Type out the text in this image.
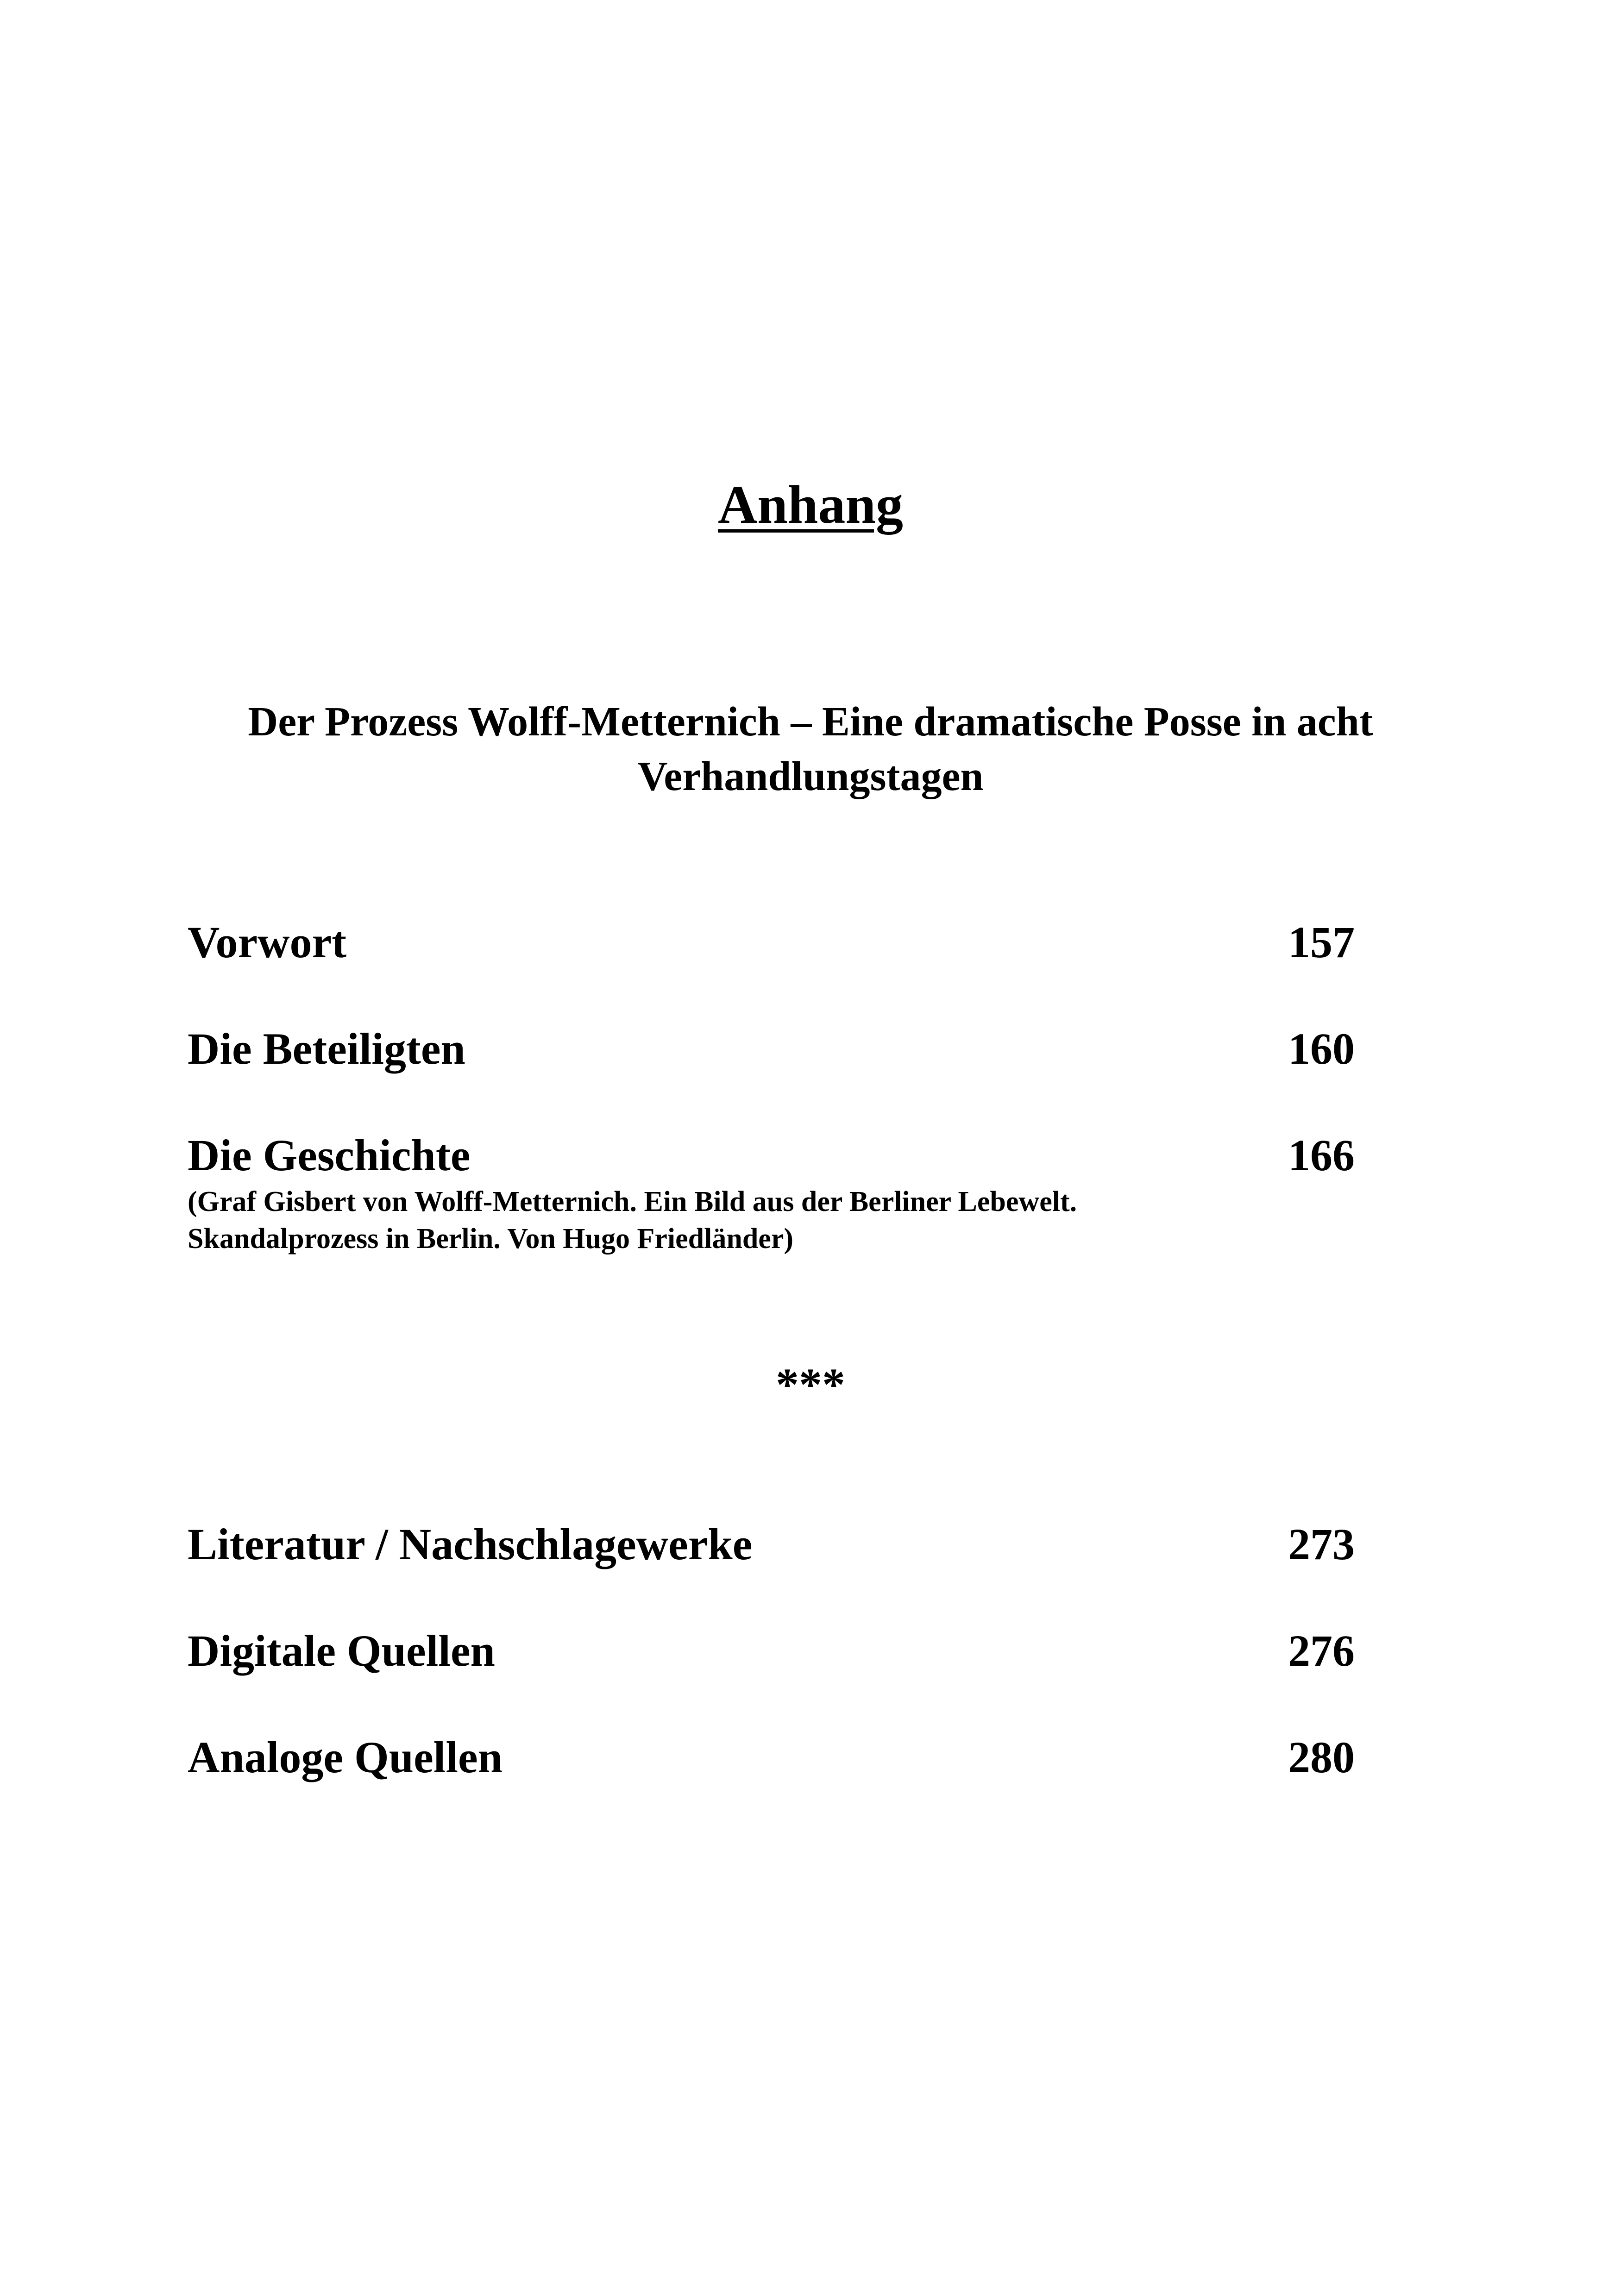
Anhang
Der Prozess Wolff-Metternich – Eine dramatische Posse in acht
Verhandlungstagen
Vorwort	157
Die Beteiligten	160
Die Geschichte	166
(Graf Gisbert von Wolff-Metternich. Ein Bild aus der Berliner Lebewelt.
Skandalprozess in Berlin. Von Hugo Friedländer)
***
Literatur / Nachschlagewerke	273
Digitale Quellen	276
Analoge Quellen	280
